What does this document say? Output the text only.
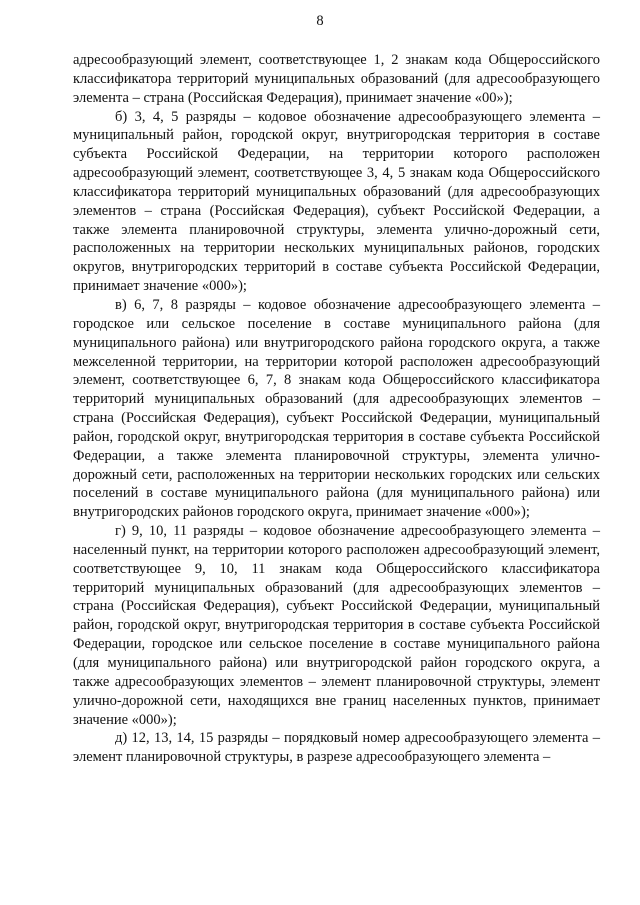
8

адресообразующий элемент, соответствующее 1, 2 знакам кода Общероссийского классификатора территорий муниципальных образований (для адресообразующего элемента – страна (Российская Федерация), принимает значение «00»);

б) 3, 4, 5 разряды – кодовое обозначение адресообразующего элемента – муниципальный район, городской округ, внутригородская территория в составе субъекта Российской Федерации, на территории которого расположен адресообразующий элемент, соответствующее 3, 4, 5 знакам кода Общероссийского классификатора территорий муниципальных образований (для адресообразующих элементов – страна (Российская Федерация), субъект Российской Федерации, а также элемента планировочной структуры, элемента улично-дорожный сети, расположенных на территории нескольких муниципальных районов, городских округов, внутригородских территорий в составе субъекта Российской Федерации, принимает значение «000»);

в) 6, 7, 8 разряды – кодовое обозначение адресообразующего элемента – городское или сельское поселение в составе муниципального района (для муниципального района) или внутригородского района городского округа, а также межселенной территории, на территории которой расположен адресообразующий элемент, соответствующее 6, 7, 8 знакам кода Общероссийского классификатора территорий муниципальных образований (для адресообразующих элементов – страна (Российская Федерация), субъект Российской Федерации, муниципальный район, городской округ, внутригородская территория в составе субъекта Российской Федерации, а также элемента планировочной структуры, элемента улично-дорожный сети, расположенных на территории нескольких городских или сельских поселений в составе муниципального района (для муниципального района) или внутригородских районов городского округа, принимает значение «000»);

г) 9, 10, 11 разряды – кодовое обозначение адресообразующего элемента – населенный пункт, на территории которого расположен адресообразующий элемент, соответствующее 9, 10, 11 знакам кода Общероссийского классификатора территорий муниципальных образований (для адресообразующих элементов – страна (Российская Федерация), субъект Российской Федерации, муниципальный район, городской округ, внутригородская территория в составе субъекта Российской Федерации, городское или сельское поселение в составе муниципального района (для муниципального района) или внутригородской район городского округа, а также адресообразующих элементов – элемент планировочной структуры, элемент улично-дорожной сети, находящихся вне границ населенных пунктов, принимает значение «000»);

д) 12, 13, 14, 15 разряды – порядковый номер адресообразующего элемента – элемент планировочной структуры, в разрезе адресообразующего элемента –
